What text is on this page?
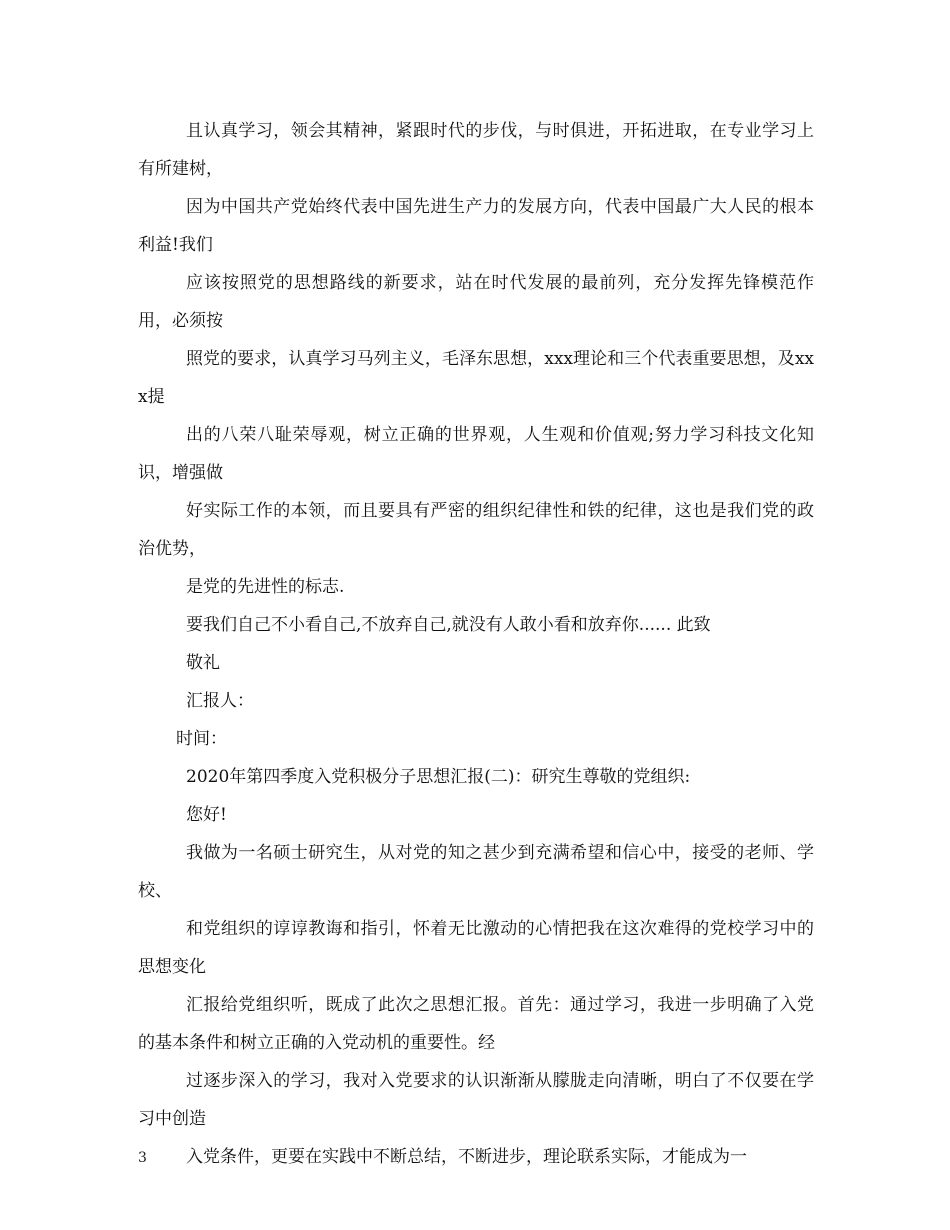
且认真学习，领会其精神，紧跟时代的步伐，与时俱进，开拓进取，在专业学习上有所建树，

因为中国共产党始终代表中国先进生产力的发展方向，代表中国最广大人民的根本利益!我们

应该按照党的思想路线的新要求，站在时代发展的最前列，充分发挥先锋模范作用，必须按

照党的要求，认真学习马列主义，毛泽东思想，xxx理论和三个代表重要思想，及xxx提

出的八荣八耻荣辱观，树立正确的世界观，人生观和价值观;努力学习科技文化知识，增强做

好实际工作的本领，而且要具有严密的组织纪律性和铁的纪律，这也是我们党的政治优势，

是党的先进性的标志.

要我们自己不小看自己,不放弃自己,就没有人敢小看和放弃你...... 此致

敬礼

汇报人：

时间：

2020年第四季度入党积极分子思想汇报(二)：研究生尊敬的党组织:

您好!

我做为一名硕士研究生，从对党的知之甚少到充满希望和信心中，接受的老师、学校、

和党组织的谆谆教诲和指引，怀着无比激动的心情把我在这次难得的党校学习中的思想变化

汇报给党组织听，既成了此次之思想汇报。首先：通过学习，我进一步明确了入党的基本条件和树立正确的入党动机的重要性。经

过逐步深入的学习，我对入党要求的认识渐渐从朦胧走向清晰，明白了不仅要在学习中创造

入党条件，更要在实践中不断总结，不断进步，理论联系实际，才能成为一

3
